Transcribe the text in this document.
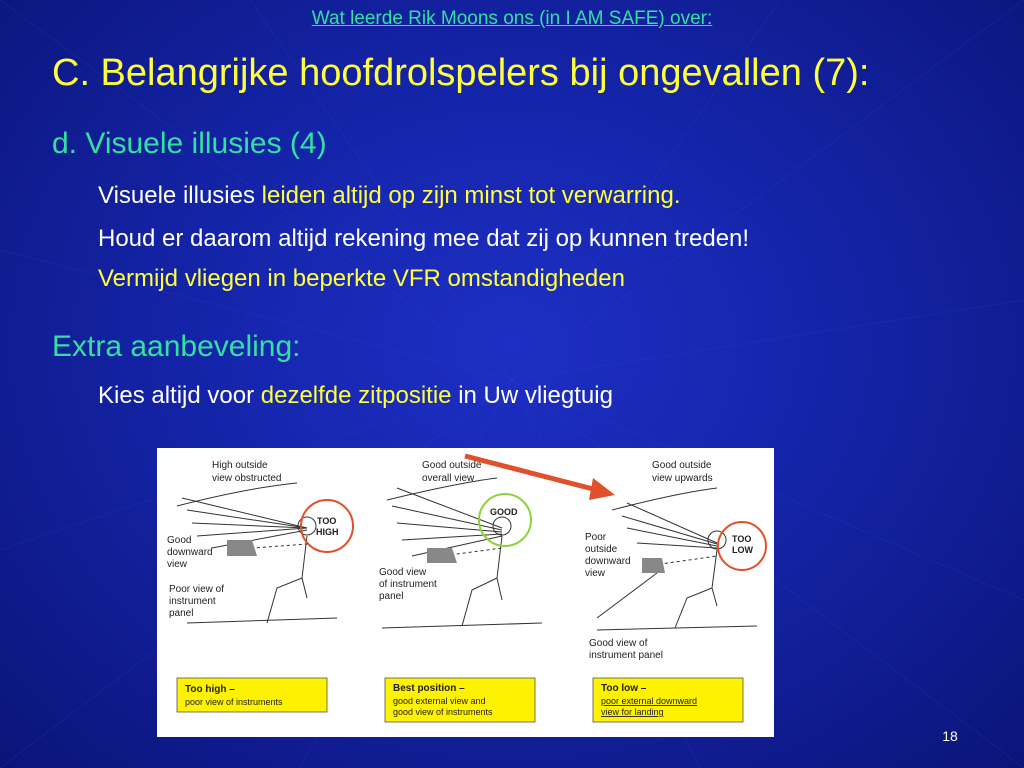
Wat leerde Rik Moons ons (in I AM SAFE) over:
C. Belangrijke hoofdrolspelers bij ongevallen (7):
d. Visuele illusies (4)
Visuele illusies leiden altijd op zijn minst tot verwarring.
Houd er daarom altijd rekening mee dat zij op kunnen treden!
Vermijd vliegen in beperkte VFR omstandigheden
Extra aanbeveling:
Kies altijd voor dezelfde zitpositie in Uw vliegtuig
High outside
view obstructed
TOO
HIGH
Good
downward
view
Poor view of
instrument
panel
Too high –
poor view of instruments
Good outside
overall view
GOOD
Good view
of instrument
panel
Best position –
good external view and
good view of instruments
Good outside
view upwards
TOO
LOW
Poor
outside
downward
view
Good view of
instrument panel
Too low –
poor external downward
view for landing
18
